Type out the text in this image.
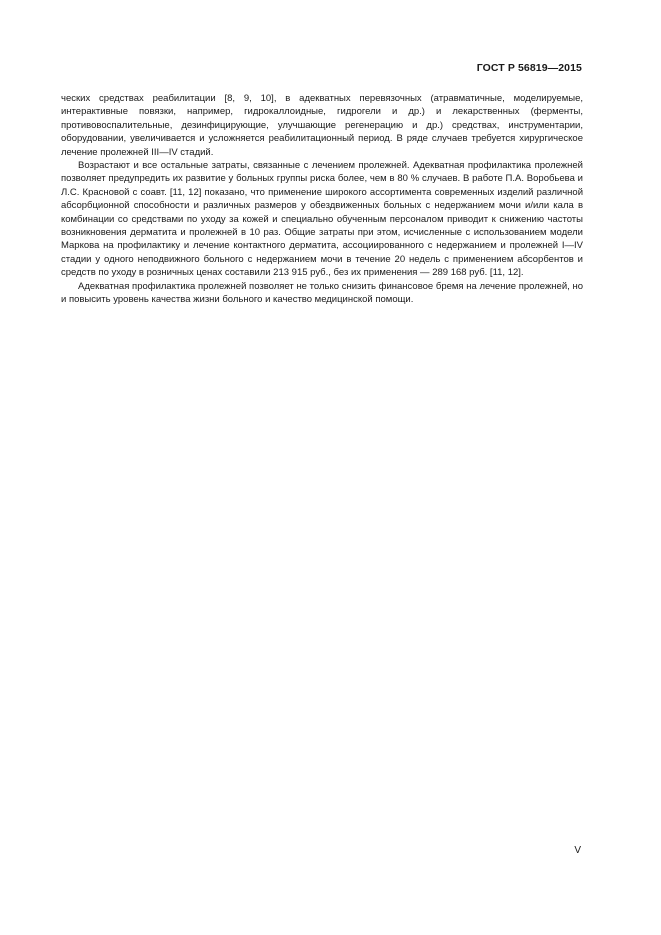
ГОСТ Р 56819—2015

ческих средствах реабилитации [8, 9, 10], в адекватных перевязочных (атравматичные, моделируемые, интерактивные повязки, например, гидрокаллоидные, гидрогели и др.) и лекарственных (ферменты, противовоспалительные, дезинфицирующие, улучшающие регенерацию и др.) средствах, инструментарии, оборудовании, увеличивается и усложняется реабилитационный период. В ряде случаев требуется хирургическое лечение пролежней III—IV стадий.

Возрастают и все остальные затраты, связанные с лечением пролежней. Адекватная профилактика пролежней позволяет предупредить их развитие у больных группы риска более, чем в 80 % случаев. В работе П.А. Воробьева и Л.С. Красновой с соавт. [11, 12] показано, что применение широкого ассортимента современных изделий различной абсорбционной способности и различных размеров у обездвиженных больных с недержанием мочи и/или кала в комбинации со средствами по уходу за кожей и специально обученным персоналом приводит к снижению частоты возникновения дерматита и пролежней в 10 раз. Общие затраты при этом, исчисленные с использованием модели Маркова на профилактику и лечение контактного дерматита, ассоциированного с недержанием и пролежней I—IV стадии у одного неподвижного больного с недержанием мочи в течение 20 недель с применением абсорбентов и средств по уходу в розничных ценах составили 213 915 руб., без их применения — 289 168 руб. [11, 12].

Адекватная профилактика пролежней позволяет не только снизить финансовое бремя на лечение пролежней, но и повысить уровень качества жизни больного и качество медицинской помощи.

V
